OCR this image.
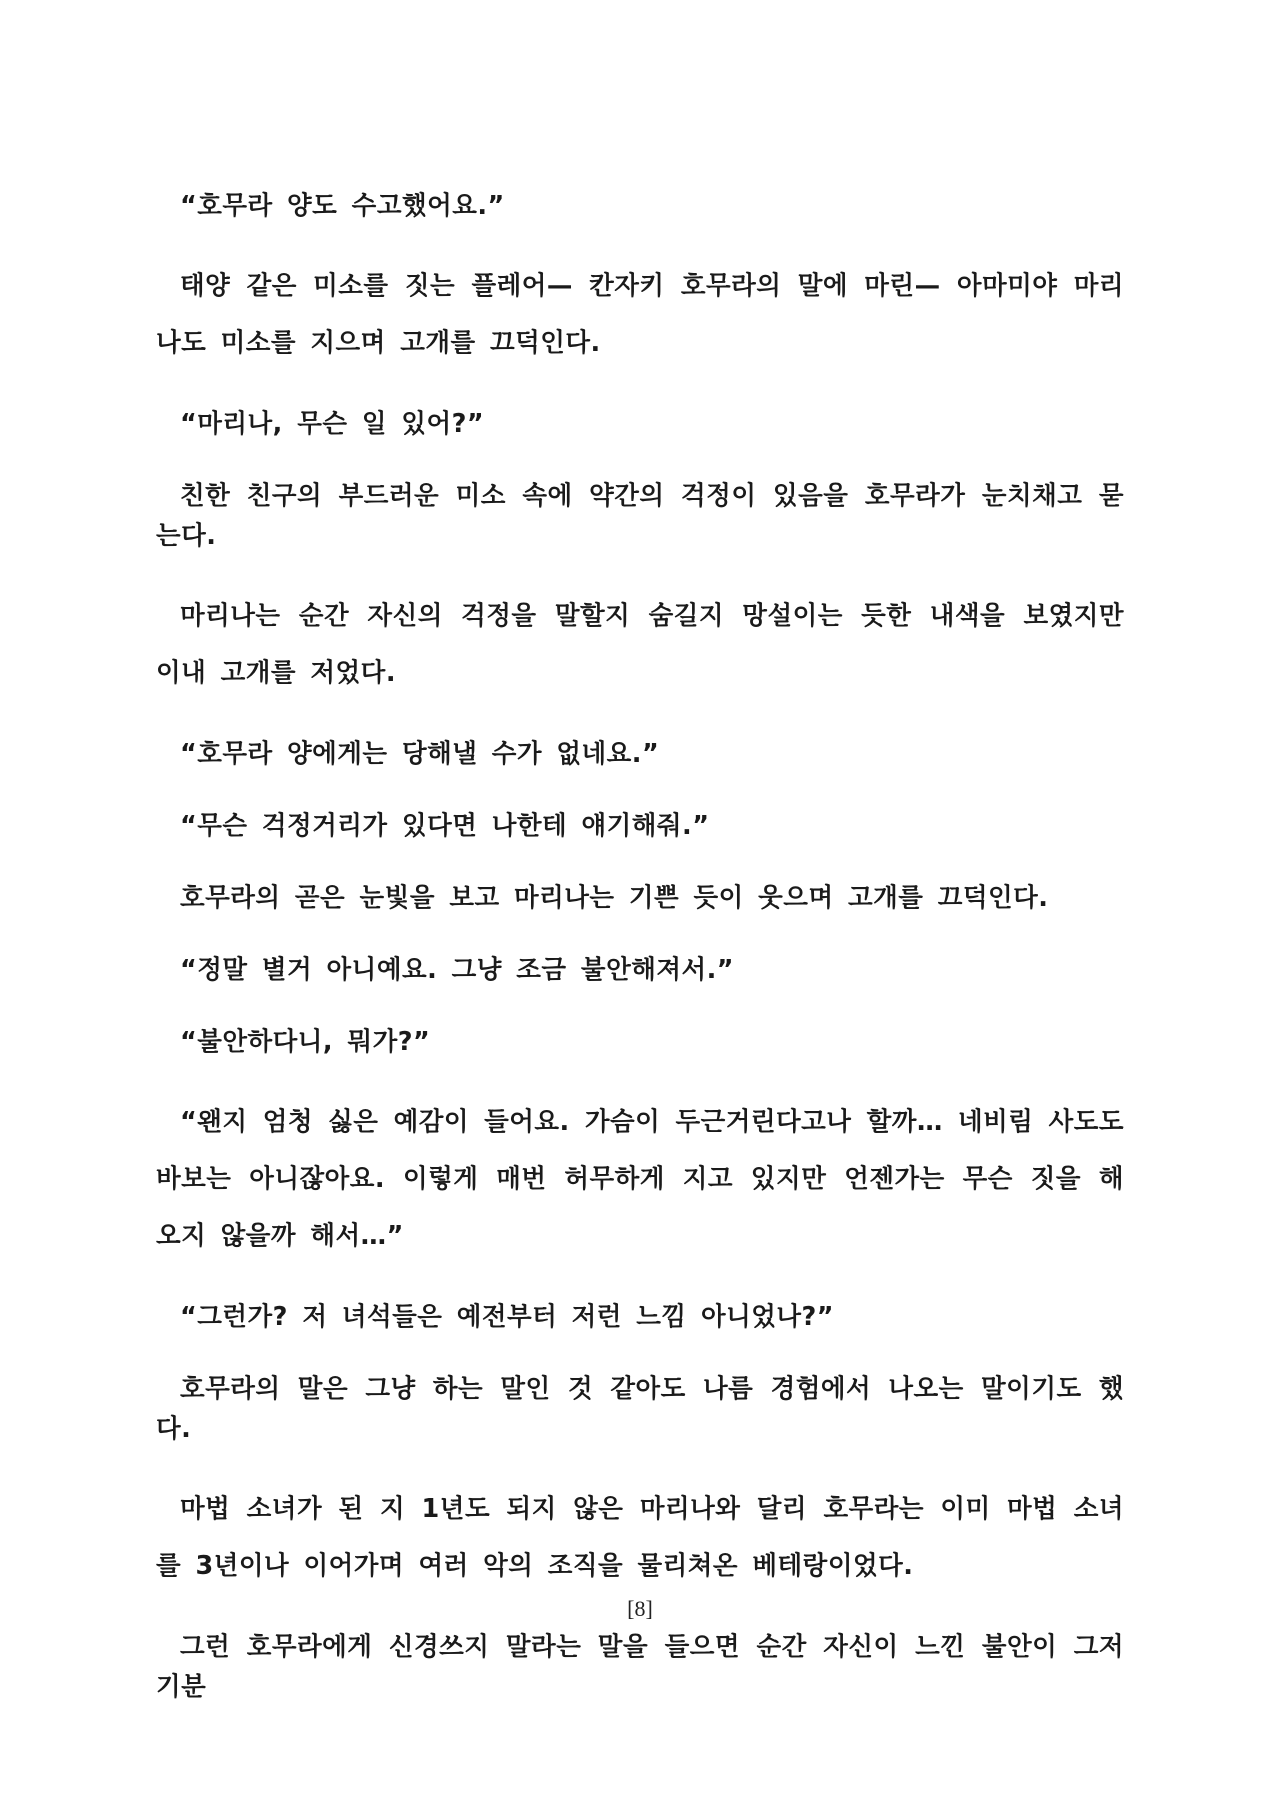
“호무라 양도 수고했어요.”

태양 같은 미소를 짓는 플레어— 칸자키 호무라의 말에 마린— 아마미야 마리나도 미소를 지으며 고개를 끄덕인다.

“마리나, 무슨 일 있어?”

친한 친구의 부드러운 미소 속에 약간의 걱정이 있음을 호무라가 눈치채고 묻는다.

마리나는 순간 자신의 걱정을 말할지 숨길지 망설이는 듯한 내색을 보였지만 이내 고개를 저었다.

“호무라 양에게는 당해낼 수가 없네요.”

“무슨 걱정거리가 있다면 나한테 얘기해줘.”

호무라의 곧은 눈빛을 보고 마리나는 기쁜 듯이 웃으며 고개를 끄덕인다.

“정말 별거 아니예요. 그냥 조금 불안해져서.”

“불안하다니, 뭐가?”

“왠지 엄청 싫은 예감이 들어요. 가슴이 두근거린다고나 할까… 네비림 사도도 바보는 아니잖아요. 이렇게 매번 허무하게 지고 있지만 언젠가는 무슨 짓을 해 오지 않을까 해서…”

“그런가? 저 녀석들은 예전부터 저런 느낌 아니었나?”

호무라의 말은 그냥 하는 말인 것 같아도 나름 경험에서 나오는 말이기도 했다.

마법 소녀가 된 지 1년도 되지 않은 마리나와 달리 호무라는 이미 마법 소녀를 3년이나 이어가며 여러 악의 조직을 물리쳐온 베테랑이었다.

그런 호무라에게 신경쓰지 말라는 말을 들으면 순간 자신이 느낀 불안이 그저 기분

[8]
